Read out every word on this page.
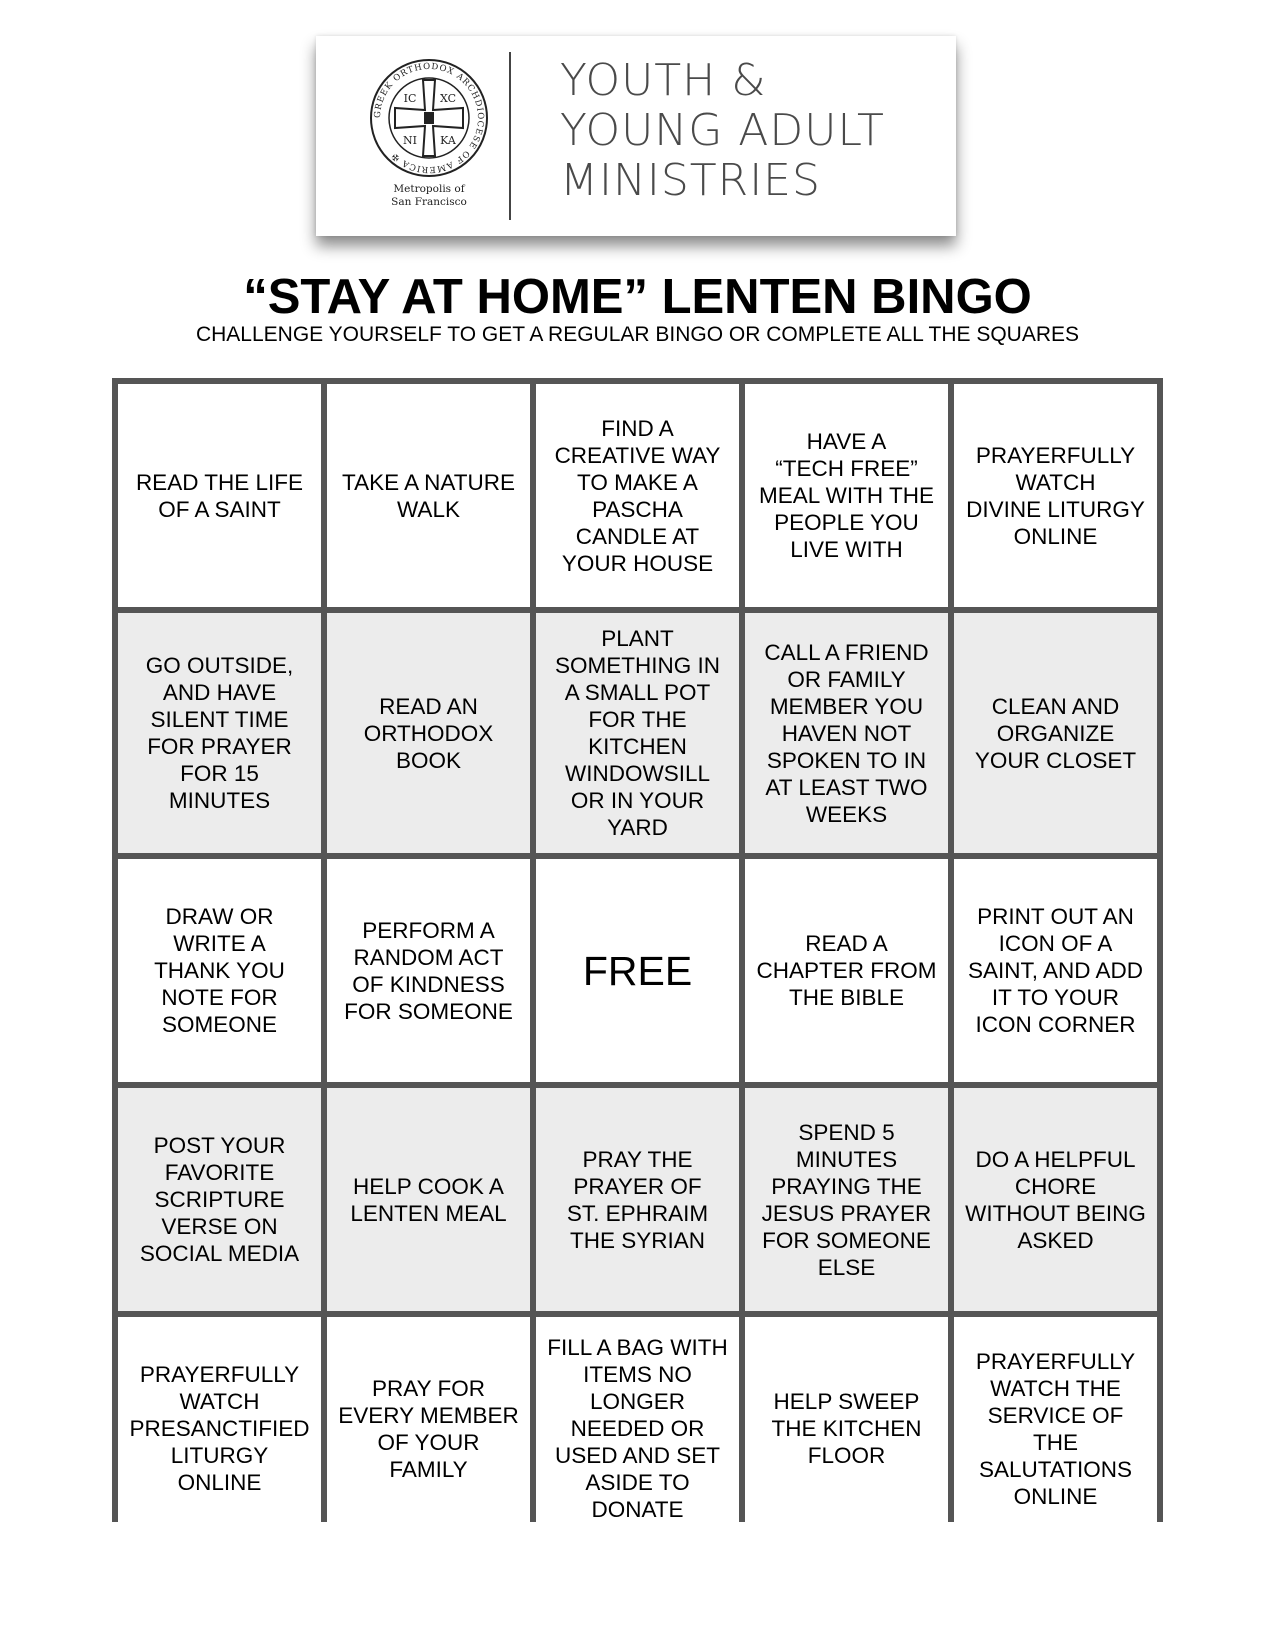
GREEK ORTHODOX ARCHDIOCESE OF AMERICA ✠
IC XC
NI KA
Metropolis of
San Francisco
YOUTH &
YOUNG ADULT
MINISTRIES
“STAY AT HOME” LENTEN BINGO

CHALLENGE YOURSELF TO GET A REGULAR BINGO OR COMPLETE ALL THE SQUARES

READ THE LIFE
OF A SAINT
TAKE A NATURE
WALK
FIND A
CREATIVE WAY
TO MAKE A
PASCHA
CANDLE AT
YOUR HOUSE
HAVE A
“TECH FREE”
MEAL WITH THE
PEOPLE YOU
LIVE WITH
PRAYERFULLY
WATCH
DIVINE LITURGY
ONLINE
GO OUTSIDE,
AND HAVE
SILENT TIME
FOR PRAYER
FOR 15
MINUTES
READ AN
ORTHODOX
BOOK
PLANT
SOMETHING IN
A SMALL POT
FOR THE
KITCHEN
WINDOWSILL
OR IN YOUR
YARD
CALL A FRIEND
OR FAMILY
MEMBER YOU
HAVEN NOT
SPOKEN TO IN
AT LEAST TWO
WEEKS
CLEAN AND
ORGANIZE
YOUR CLOSET
DRAW OR
WRITE A
THANK YOU
NOTE FOR
SOMEONE
PERFORM A
RANDOM ACT
OF KINDNESS
FOR SOMEONE
FREE
READ A
CHAPTER FROM
THE BIBLE
PRINT OUT AN
ICON OF A
SAINT, AND ADD
IT TO YOUR
ICON CORNER
POST YOUR
FAVORITE
SCRIPTURE
VERSE ON
SOCIAL MEDIA
HELP COOK A
LENTEN MEAL
PRAY THE
PRAYER OF
ST. EPHRAIM
THE SYRIAN
SPEND 5
MINUTES
PRAYING THE
JESUS PRAYER
FOR SOMEONE
ELSE
DO A HELPFUL
CHORE
WITHOUT BEING
ASKED
PRAYERFULLY
WATCH
PRESANCTIFIED
LITURGY
ONLINE
PRAY FOR
EVERY MEMBER
OF YOUR
FAMILY
FILL A BAG WITH
ITEMS NO
LONGER
NEEDED OR
USED AND SET
ASIDE TO
DONATE
HELP SWEEP
THE KITCHEN
FLOOR
PRAYERFULLY
WATCH THE
SERVICE OF
THE
SALUTATIONS
ONLINE
